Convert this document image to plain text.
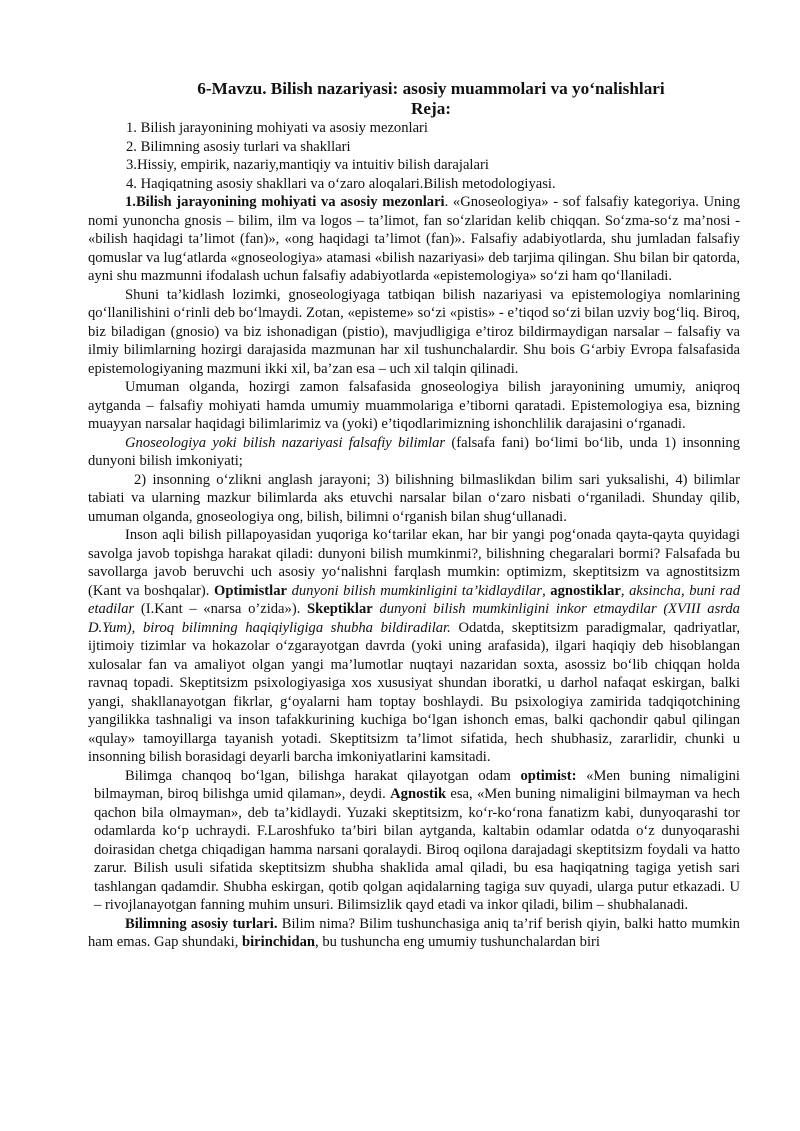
6-Mavzu. Bilish nazariyasi: asosiy muammolari va yo‘nalishlari
Reja:
1. Bilish jarayonining mohiyati va asosiy mezonlari
2. Bilimning asosiy turlari va shakllari
3.Hissiy, empirik, nazariy,mantiqiy va intuitiv bilish darajalari
4. Haqiqatning asosiy shakllari va o‘zaro aloqalari.Bilish metodologiyasi.

1.Bilish jarayonining mohiyati va asosiy mezonlari. «Gnoseologiya» - sof falsafiy kategoriya. Uning nomi yunoncha gnosis – bilim, ilm va logos – ta’limot, fan so‘zlaridan kelib chiqqan. So‘zma-so‘z ma’nosi - «bilish haqidagi ta’limot (fan)», «ong haqidagi ta’limot (fan)». Falsafiy adabiyotlarda, shu jumladan falsafiy qomuslar va lug‘atlarda «gnoseologiya» atamasi «bilish nazariyasi» deb tarjima qilingan. Shu bilan bir qatorda, ayni shu mazmunni ifodalash uchun falsafiy adabiyotlarda «epistemologiya» so‘zi ham qo‘llaniladi.

Shuni ta’kidlash lozimki, gnoseologiyaga tatbiqan bilish nazariyasi va epistemologiya nomlarining qo‘llanilishini o‘rinli deb bo‘lmaydi. Zotan, «episteme» so‘zi «pistis» - e’tiqod so‘zi bilan uzviy bog‘liq. Biroq, biz biladigan (gnosio) va biz ishonadigan (pistio), mavjudligiga e’tiroz bildirmaydigan narsalar – falsafiy va ilmiy bilimlarning hozirgi darajasida mazmunan har xil tushunchalardir. Shu bois G‘arbiy Evropa falsafasida epistemologiyaning mazmuni ikki xil, ba’zan esa – uch xil talqin qilinadi.

Umuman olganda, hozirgi zamon falsafasida gnoseologiya bilish jarayonining umumiy, aniqroq aytganda – falsafiy mohiyati hamda umumiy muammolariga e’tiborni qaratadi. Epistemologiya esa, bizning muayyan narsalar haqidagi bilimlarimiz va (yoki) e’tiqodlarimizning ishonchlilik darajasini o‘rganadi.

Gnoseologiya yoki bilish nazariyasi falsafiy bilimlar (falsafa fani) bo‘limi bo‘lib, unda 1) insonning dunyoni bilish imkoniyati;

2) insonning o‘zlikni anglash jarayoni; 3) bilishning bilmaslikdan bilim sari yuksalishi, 4) bilimlar tabiati va ularning mazkur bilimlarda aks etuvchi narsalar bilan o‘zaro nisbati o‘rganiladi. Shunday qilib, umuman olganda, gnoseologiya ong, bilish, bilimni o‘rganish bilan shug‘ullanadi.

Inson aqli bilish pillapoyasidan yuqoriga ko‘tarilar ekan, har bir yangi pog‘onada qayta-qayta quyidagi savolga javob topishga harakat qiladi: dunyoni bilish mumkinmi?, bilishning chegaralari bormi? Falsafada bu savollarga javob beruvchi uch asosiy yo‘nalishni farqlash mumkin: optimizm, skeptitsizm va agnostitsizm (Kant va boshqalar). Optimistlar dunyoni bilish mumkinligini ta’kidlaydilar, agnostiklar, aksincha, buni rad etadilar (I.Kant – «narsa o’zida»). Skeptiklar dunyoni bilish mumkinligini inkor etmaydilar (XVIII asrda D.Yum), biroq bilimning haqiqiyligiga shubha bildiradilar. Odatda, skeptitsizm paradigmalar, qadriyatlar, ijtimoiy tizimlar va hokazolar o‘zgarayotgan davrda (yoki uning arafasida), ilgari haqiqiy deb hisoblangan xulosalar fan va amaliyot olgan yangi ma’lumotlar nuqtayi nazaridan soxta, asossiz bo‘lib chiqqan holda ravnaq topadi. Skeptitsizm psixologiyasiga xos xususiyat shundan iboratki, u darhol nafaqat eskirgan, balki yangi, shakllanayotgan fikrlar, g‘oyalarni ham toptay boshlaydi. Bu psixologiya zamirida tadqiqotchining yangilikka tashnaligi va inson tafakkurining kuchiga bo‘lgan ishonch emas, balki qachondir qabul qilingan «qulay» tamoyillarga tayanish yotadi. Skeptitsizm ta’limot sifatida, hech shubhasiz, zararlidir, chunki u insonning bilish borasidagi deyarli barcha imkoniyatlarini kamsitadi.

Bilimga chanqoq bo‘lgan, bilishga harakat qilayotgan odam optimist: «Men buning nimaligini bilmayman, biroq bilishga umid qilaman», deydi. Agnostik esa, «Men buning nimaligini bilmayman va hech qachon bila olmayman», deb ta’kidlaydi. Yuzaki skeptitsizm, ko‘r-ko‘rona fanatizm kabi, dunyoqarashi tor odamlarda ko‘p uchraydi. F.Laroshfuko ta’biri bilan aytganda, kaltabin odamlar odatda o‘z dunyoqarashi doirasidan chetga chiqadigan hamma narsani qoralaydi. Biroq oqilona darajadagi skeptitsizm foydali va hatto zarur. Bilish usuli sifatida skeptitsizm shubha shaklida amal qiladi, bu esa haqiqatning tagiga yetish sari tashlangan qadamdir. Shubha eskirgan, qotib qolgan aqidalarning tagiga suv quyadi, ularga putur etkazadi. U – rivojlanayotgan fanning muhim unsuri. Bilimsizlik qayd etadi va inkor qiladi, bilim – shubhalanadi.

Bilimning asosiy turlari. Bilim nima? Bilim tushunchasiga aniq ta’rif berish qiyin, balki hatto mumkin ham emas. Gap shundaki, birinchidan, bu tushuncha eng umumiy tushunchalardan biri
